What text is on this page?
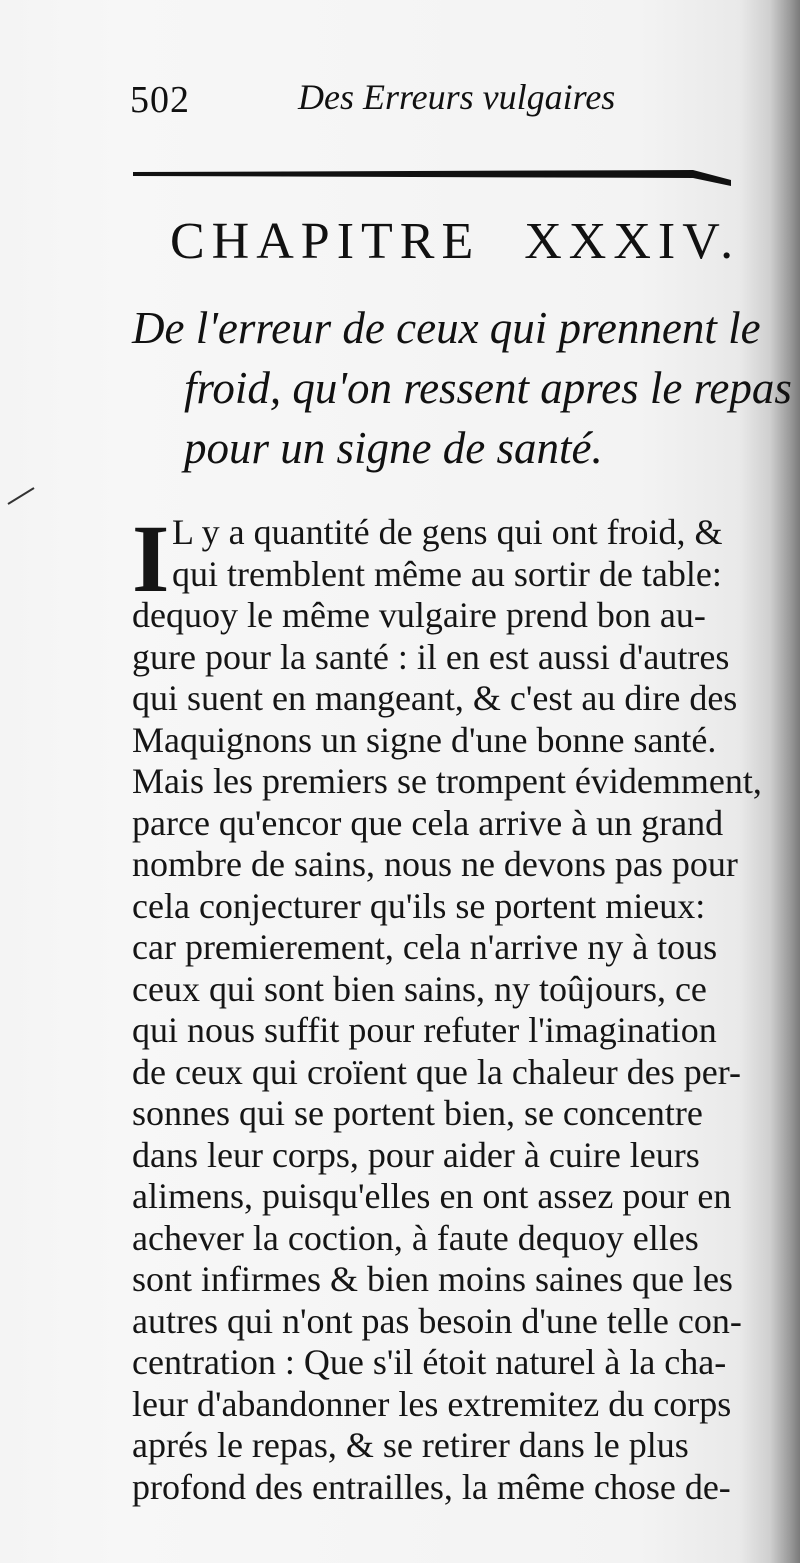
502	Des Erreurs vulgaires
CHAPITRE XXXIV.
De l'erreur de ceux qui prennent le
froid, qu'on ressent apres le repas
pour un signe de santé.
I L y a quantité de gens qui ont froid, &
qui tremblent même au sortir de table:
dequoy le même vulgaire prend bon au-
gure pour la santé : il en est aussi d'autres
qui suent en mangeant, & c'est au dire des
Maquignons un signe d'une bonne santé.
Mais les premiers se trompent évidemment,
parce qu'encor que cela arrive à un grand
nombre de sains, nous ne devons pas pour
cela conjecturer qu'ils se portent mieux:
car premierement, cela n'arrive ny à tous
ceux qui sont bien sains, ny toûjours, ce
qui nous suffit pour refuter l'imagination
de ceux qui croïent que la chaleur des per-
sonnes qui se portent bien, se concentre
dans leur corps, pour aider à cuire leurs
alimens, puisqu'elles en ont assez pour en
achever la coction, à faute dequoy elles
sont infirmes & bien moins saines que les
autres qui n'ont pas besoin d'une telle con-
centration : Que s'il étoit naturel à la cha-
leur d'abandonner les extremitez du corps
aprés le repas, & se retirer dans le plus
profond des entrailles, la même chose de-
